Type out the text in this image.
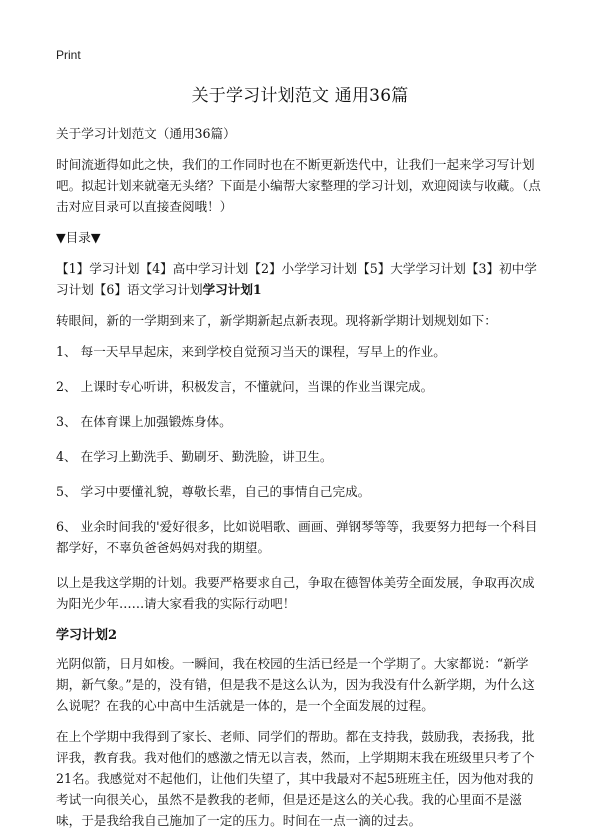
Print
关于学习计划范文 通用36篇

关于学习计划范文（通用36篇）

时间流逝得如此之快，我们的工作同时也在不断更新迭代中，让我们一起来学习写计划吧。拟起计划来就毫无头绪？下面是小编帮大家整理的学习计划，欢迎阅读与收藏。（点击对应目录可以直接查阅哦！）

▼目录▼

【1】学习计划【4】高中学习计划【2】小学学习计划【5】大学学习计划【3】初中学习计划【6】语文学习计划学习计划1

转眼间，新的一学期到来了，新学期新起点新表现。现将新学期计划规划如下：

1、 每一天早早起床，来到学校自觉预习当天的课程，写早上的作业。

2、 上课时专心听讲，积极发言，不懂就问，当课的作业当课完成。

3、 在体育课上加强锻炼身体。

4、 在学习上勤洗手、勤刷牙、勤洗脸，讲卫生。

5、 学习中要懂礼貌，尊敬长辈，自己的事情自己完成。

6、 业余时间我的'爱好很多，比如说唱歌、画画、弹钢琴等等，我要努力把每一个科目都学好，不辜负爸爸妈妈对我的期望。

以上是我这学期的计划。我要严格要求自己，争取在德智体美劳全面发展，争取再次成为阳光少年……请大家看我的实际行动吧！

学习计划2

光阴似箭，日月如梭。一瞬间，我在校园的生活已经是一个学期了。大家都说：“新学期，新气象。”是的，没有错，但是我不是这么认为，因为我没有什么新学期，为什么这么说呢？在我的心中高中生活就是一体的，是一个全面发展的过程。

在上个学期中我得到了家长、老师、同学们的帮助。都在支持我，鼓励我，表扬我，批评我，教育我。我对他们的感激之情无以言表，然而，上学期期末我在班级里只考了个21名。我感觉对不起他们，让他们失望了，其中我最对不起5班班主任，因为他对我的考试一向很关心，虽然不是教我的老师，但是还是这么的关心我。我的心里面不是滋味，于是我给我自己施加了一定的压力。时间在一点一滴的过去。
